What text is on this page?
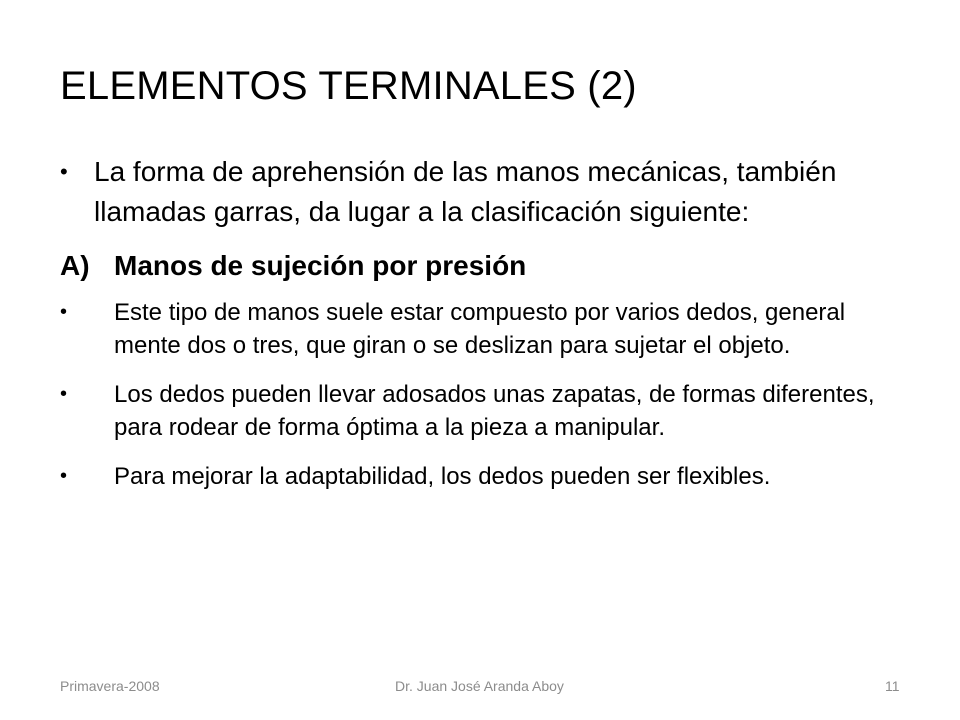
ELEMENTOS TERMINALES (2)
• La forma de aprehensión de las manos mecánicas, también llamadas garras, da lugar a la clasificación siguiente:
A) Manos de sujeción por presión
• Este tipo de manos suele estar compuesto por varios dedos, general mente dos o tres, que giran o se deslizan para sujetar el objeto.
• Los dedos pueden llevar adosados unas zapatas, de formas diferentes, para rodear de forma óptima a la pieza a manipular.
• Para mejorar la adaptabilidad, los dedos pueden ser flexibles.
Primavera-2008	Dr. Juan José Aranda Aboy	11
